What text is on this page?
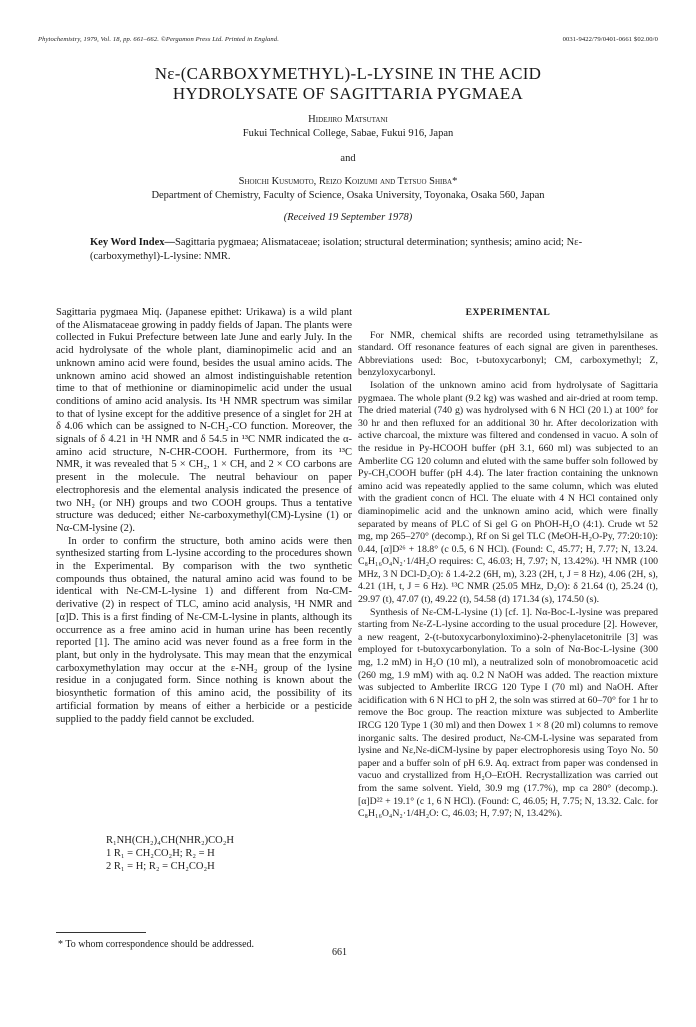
Phytochemistry, 1979, Vol. 18, pp. 661–662. ©Pergamon Press Ltd. Printed in England.	0031-9422/79/0401-0661 $02.00/0
Nε-(CARBOXYMETHYL)-L-LYSINE IN THE ACID
HYDROLYSATE OF SAGITTARIA PYGMAEA
Hidejiro Matsutani
Fukui Technical College, Sabae, Fukui 916, Japan
and
Shoichi Kusumoto, Reizo Koizumi and Tetsuo Shiba*
Department of Chemistry, Faculty of Science, Osaka University, Toyonaka, Osaka 560, Japan
(Received 19 September 1978)
Key Word Index—Sagittaria pygmaea; Alismataceae; isolation; structural determination; synthesis; amino acid; Nε-(carboxymethyl)-L-lysine: NMR.

Sagittaria pygmaea Miq. (Japanese epithet: Urikawa) is a wild plant of the Alismataceae growing in paddy fields of Japan. The plants were collected in Fukui Prefecture between late June and early July. In the acid hydrolysate of the whole plant, diaminopimelic acid and an unknown amino acid were found, besides the usual amino acids. The unknown amino acid showed an almost indistinguishable retention time to that of methionine or diaminopimelic acid under the usual conditions of amino acid analysis. Its ¹H NMR spectrum was similar to that of lysine except for the additive presence of a singlet for 2H at δ 4.06 which can be assigned to N-CH₂-CO function. Moreover, the signals of δ 4.21 in ¹H NMR and δ 54.5 in ¹³C NMR indicated the α-amino acid structure, N-CHR-COOH. Furthermore, from its ¹³C NMR, it was revealed that 5 × CH₂, 1 × CH, and 2 × CO carbons are present in the molecule. The neutral behaviour on paper electrophoresis and the elemental analysis indicated the presence of two NH₂ (or NH) groups and two COOH groups. Thus a tentative structure was deduced; either Nε-carboxymethyl(CM)-Lysine (1) or Nα-CM-lysine (2).

In order to confirm the structure, both amino acids were then synthesized starting from L-lysine according to the procedures shown in the Experimental. By comparison with the two synthetic compounds thus obtained, the natural amino acid was found to be identical with Nε-CM-L-lysine 1) and different from Nα-CM-derivative (2) in respect of TLC, amino acid analysis, ¹H NMR and [α]D. This is a first finding of Nε-CM-L-lysine in plants, although its occurrence as a free amino acid in human urine has been recently reported [1]. The amino acid was never found as a free form in the plant, but only in the hydrolysate. This may mean that the enzymical carboxymethylation may occur at the ε-NH₂ group of the lysine residue in a conjugated form. Since nothing is known about the biosynthetic formation of this amino acid, the possibility of its artificial formation by means of either a herbicide or a pesticide supplied to the paddy field cannot be excluded.

R₁NH(CH₂)₄CH(NHR₂)CO₂H
1 R₁ = CH₂CO₂H; R₂ = H
2 R₁ = H; R₂ = CH₂CO₂H
EXPERIMENTAL

For NMR, chemical shifts are recorded using tetramethylsilane as standard. Off resonance features of each signal are given in parentheses. Abbreviations used: Boc, t-butoxycarbonyl; CM, carboxymethyl; Z, benzyloxycarbonyl.

Isolation of the unknown amino acid from hydrolysate of Sagittaria pygmaea. The whole plant (9.2 kg) was washed and air-dried at room temp. The dried material (740 g) was hydrolysed with 6 N HCl (20 l.) at 100° for 30 hr and then refluxed for an additional 30 hr. After decolorization with active charcoal, the mixture was filtered and condensed in vacuo. A soln of the residue in Py-HCOOH buffer (pH 3.1, 660 ml) was subjected to an Amberlite CG 120 column and eluted with the same buffer soln followed by Py-CH₃COOH buffer (pH 4.4). The later fraction containing the unknown amino acid was repeatedly applied to the same column, which was eluted with the gradient concn of HCl. The eluate with 4 N HCl contained only diaminopimelic acid and the unknown amino acid, which were finally separated by means of PLC of Si gel G on PhOH-H₂O (4:1). Crude wt 52 mg, mp 265–270° (decomp.), Rf on Si gel TLC (MeOH-H₂O-Py, 77:20:10): 0.44, [α]D²⁶ + 18.8° (c 0.5, 6 N HCl). (Found: C, 45.77; H, 7.77; N, 13.24. C₈H₁₆O₄N₂·1/4H₂O requires: C, 46.03; H, 7.97; N, 13.42%). ¹H NMR (100 MHz, 3 N DCl-D₂O): δ 1.4-2.2 (6H, m), 3.23 (2H, t, J = 8 Hz), 4.06 (2H, s), 4.21 (1H, t, J = 6 Hz). ¹³C NMR (25.05 MHz, D₂O): δ 21.64 (t), 25.24 (t), 29.97 (t), 47.07 (t), 49.22 (t), 54.58 (d) 171.34 (s), 174.50 (s).

Synthesis of Nε-CM-L-lysine (1) [cf. 1]. Nα-Boc-L-lysine was prepared starting from Nε-Z-L-lysine according to the usual procedure [2]. However, a new reagent, 2-(t-butoxycarbonyloximino)-2-phenylacetonitrile [3] was employed for t-butoxycarbonylation. To a soln of Nα-Boc-L-lysine (300 mg, 1.2 mM) in H₂O (10 ml), a neutralized soln of monobromoacetic acid (260 mg, 1.9 mM) with aq. 0.2 N NaOH was added. The reaction mixture was subjected to Amberlite IRCG 120 Type I (70 ml) and NaOH. After acidification with 6 N HCl to pH 2, the soln was stirred at 60–70° for 1 hr to remove the Boc group. The reaction mixture was subjected to Amberlite IRCG 120 Type 1 (30 ml) and then Dowex 1 × 8 (20 ml) columns to remove inorganic salts. The desired product, Nε-CM-L-lysine was separated from lysine and Nε,Nε-diCM-lysine by paper electrophoresis using Toyo No. 50 paper and a buffer soln of pH 6.9. Aq. extract from paper was condensed in vacuo and crystallized from H₂O–EtOH. Recrystallization was carried out from the same solvent. Yield, 30.9 mg (17.7%), mp ca 280° (decomp.). [α]D²² + 19.1° (c 1, 6 N HCl). (Found: C, 46.05; H, 7.75; N, 13.32. Calc. for C₈H₁₆O₄N₂·1/4H₂O: C, 46.03; H, 7.97; N, 13.42%).

* To whom correspondence should be addressed.
661
